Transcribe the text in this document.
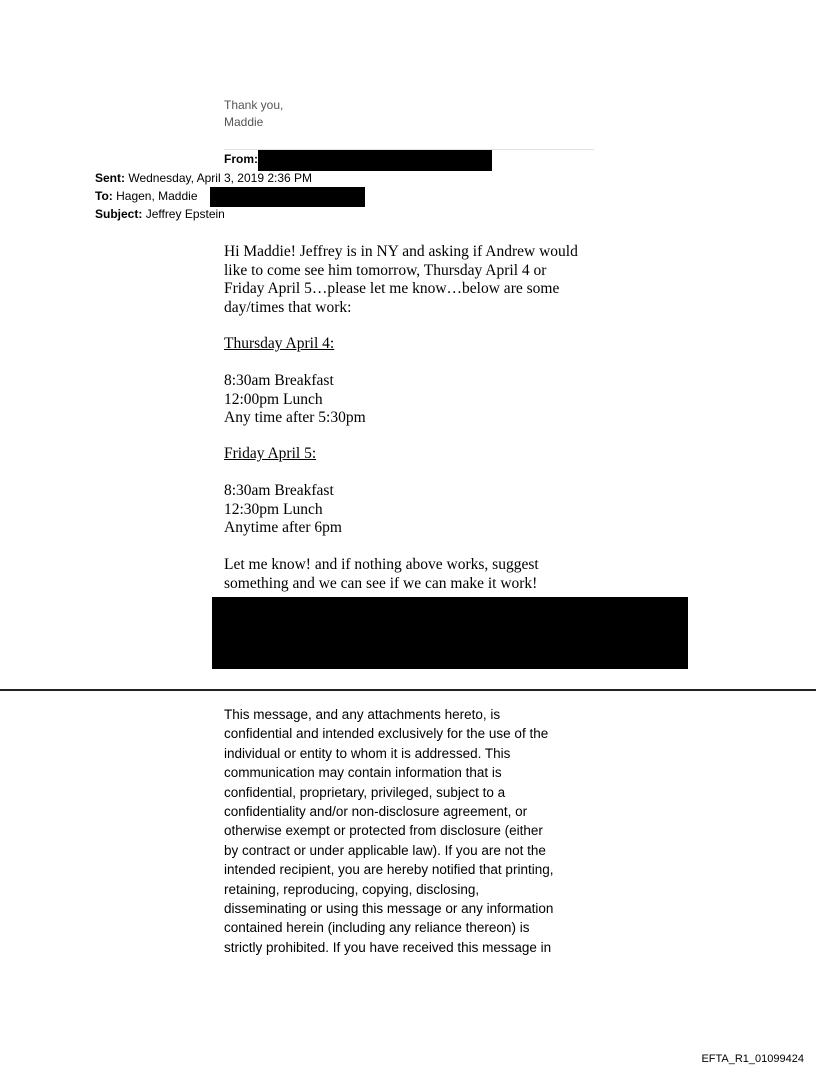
Thank you,
Maddie
From:
Sent: Wednesday, April 3, 2019 2:36 PM
To: Hagen, Maddie
Subject: Jeffrey Epstein
Hi Maddie! Jeffrey is in NY and asking if Andrew would
like to come see him tomorrow, Thursday April 4 or
Friday April 5…please let me know…below are some
day/times that work:
Thursday April 4:
8:30am Breakfast
12:00pm Lunch
Any time after 5:30pm
Friday April 5:
8:30am Breakfast
12:30pm Lunch
Anytime after 6pm
Let me know! and if nothing above works, suggest
something and we can see if we can make it work!
This message, and any attachments hereto, is
confidential and intended exclusively for the use of the
individual or entity to whom it is addressed. This
communication may contain information that is
confidential, proprietary, privileged, subject to a
confidentiality and/or non-disclosure agreement, or
otherwise exempt or protected from disclosure (either
by contract or under applicable law). If you are not the
intended recipient, you are hereby notified that printing,
retaining, reproducing, copying, disclosing,
disseminating or using this message or any information
contained herein (including any reliance thereon) is
strictly prohibited. If you have received this message in
EFTA_R1_01099424
